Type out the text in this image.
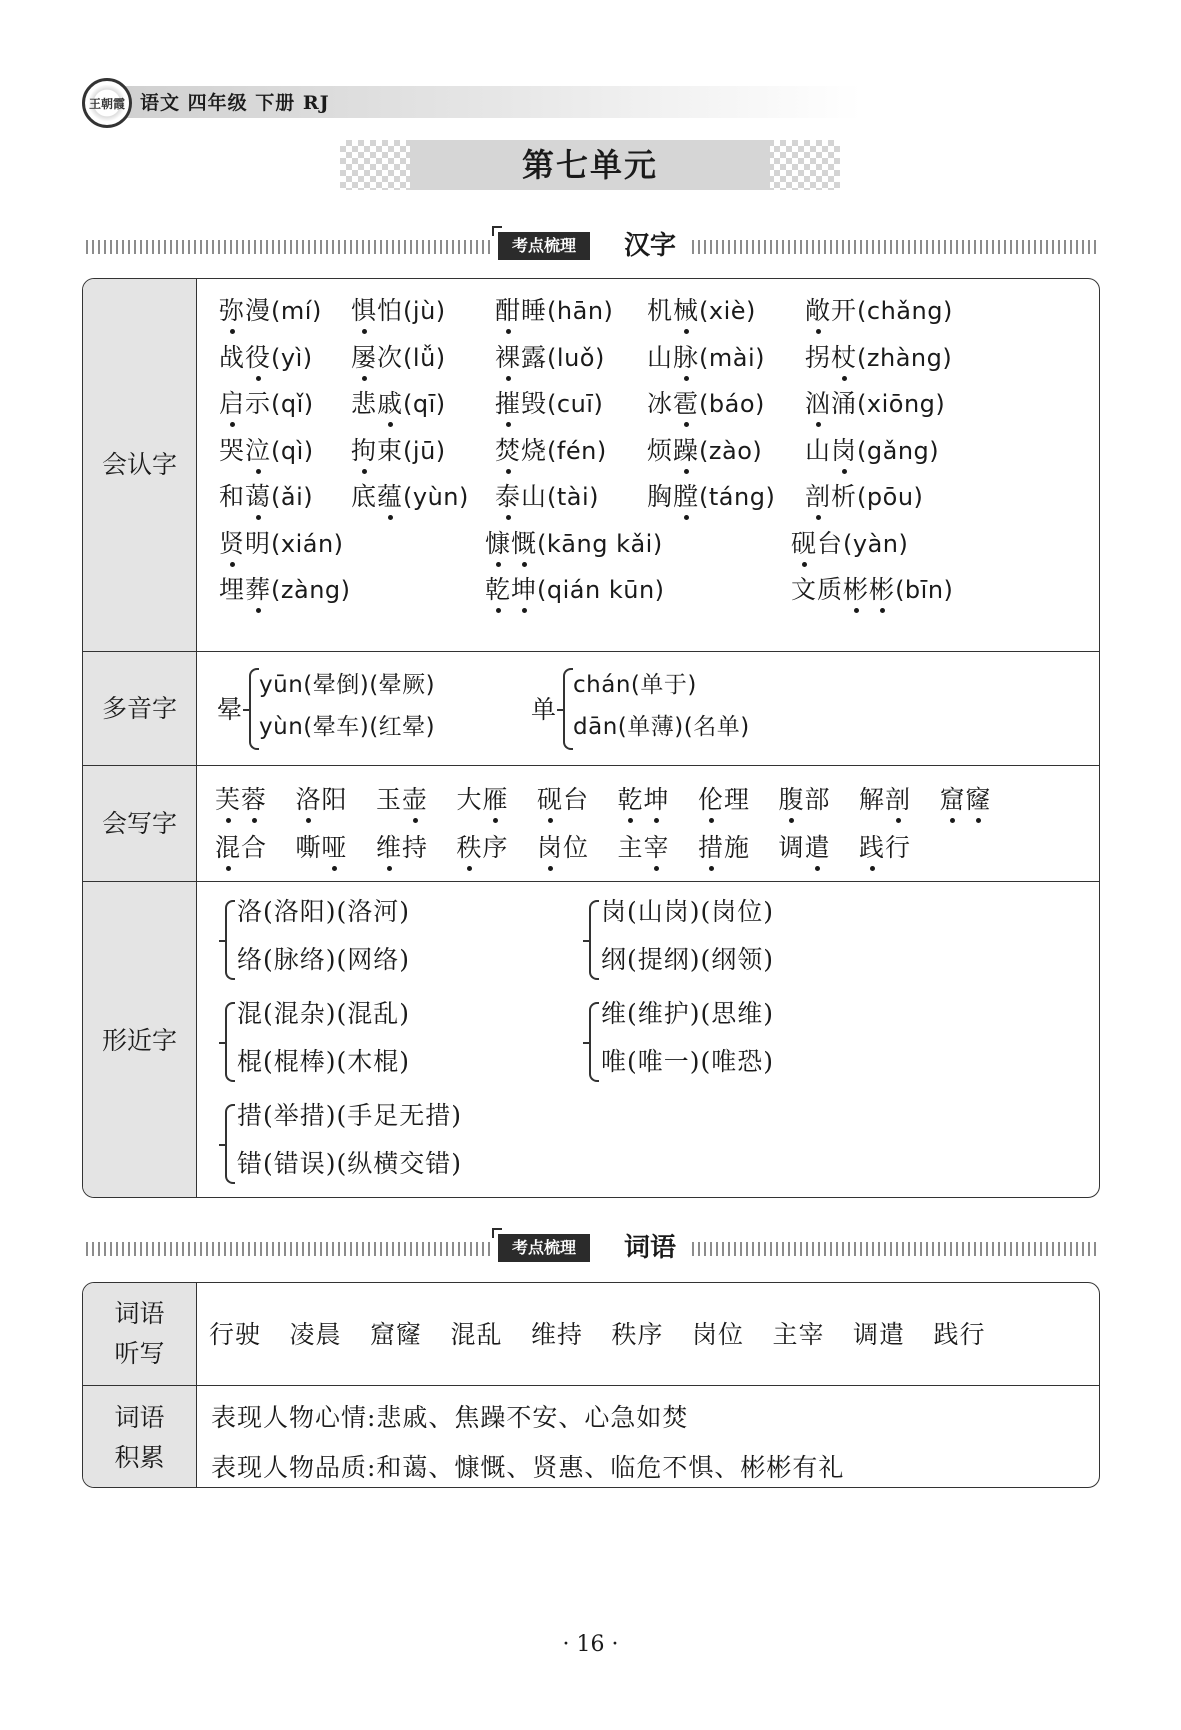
王朝霞 语文 四年级 下册 RJ
第七单元
考点梳理	汉字
会认字
弥漫(mí) 惧怕(jù) 酣睡(hān) 机械(xiè) 敞开(chǎng)
战役(yì) 屡次(lǚ) 裸露(luǒ) 山脉(mài) 拐杖(zhàng)
启示(qǐ) 悲戚(qī) 摧毁(cuī) 冰雹(báo) 汹涌(xiōng)
哭泣(qì) 拘束(jū) 焚烧(fén) 烦躁(zào) 山岗(gǎng)
和蔼(ǎi) 底蕴(yùn) 泰山(tài) 胸膛(táng) 剖析(pōu)
贤明(xián)	慷慨(kāng kǎi)	砚台(yàn)
埋葬(zàng)	乾坤(qián kūn)	文质彬彬(bīn)
多音字	晕
yūn(晕倒)(晕厥)
yùn(晕车)(红晕)
单
chán(单于)
dān(单薄)(名单)
会写字
芙蓉 洛阳 玉壶 大雁 砚台 乾坤 伦理 腹部 解剖 窟窿
混合 嘶哑 维持 秩序 岗位 主宰 措施 调遣 践行
形近字
洛(洛阳)(洛河)
络(脉络)(网络)
岗(山岗)(岗位)
纲(提纲)(纲领)
混(混杂)(混乱)
棍(棍棒)(木棍)
维(维护)(思维)
唯(唯一)(唯恐)
措(举措)(手足无措)
错(错误)(纵横交错)
考点梳理	词语
词语
听写
行驶 凌晨 窟窿 混乱 维持 秩序 岗位 主宰 调遣 践行
词语
积累
表现人物心情:悲戚、焦躁不安、心急如焚
表现人物品质:和蔼、慷慨、贤惠、临危不惧、彬彬有礼
· 16 ·
